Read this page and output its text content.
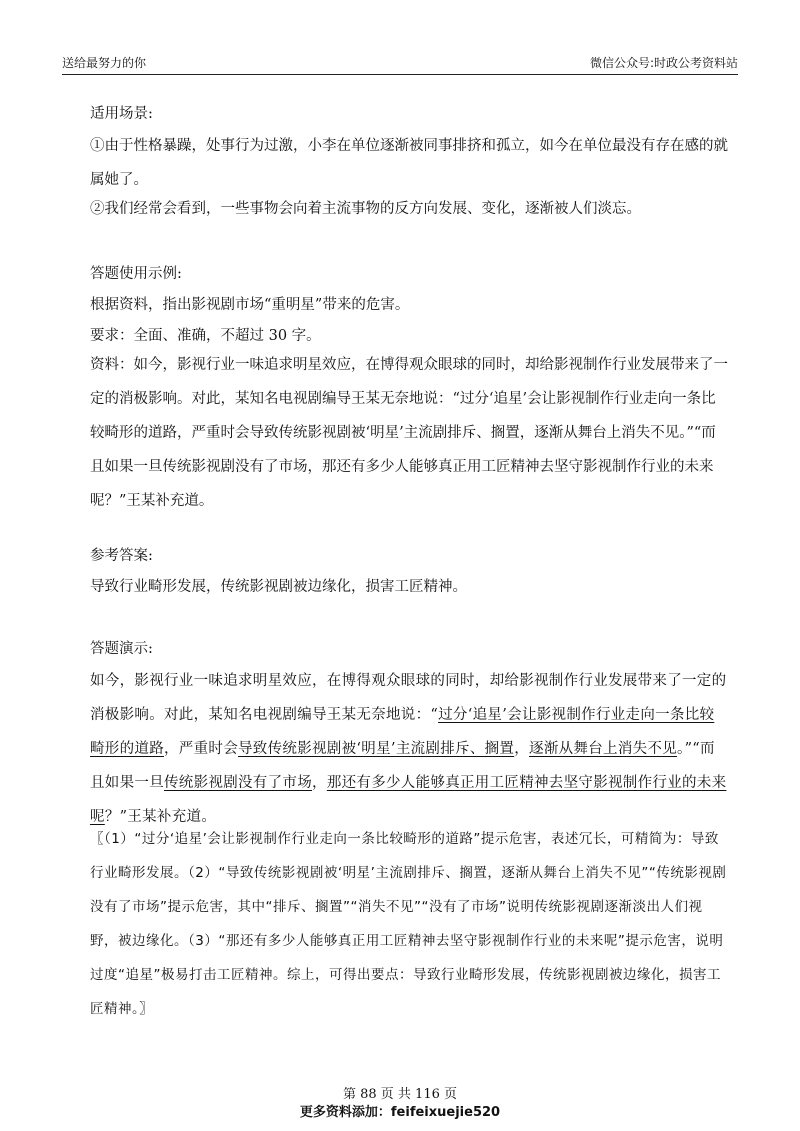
送给最努力的你	微信公众号:时政公考资料站

适用场景:

①由于性格暴躁，处事行为过激，小李在单位逐渐被同事排挤和孤立，如今在单位最没有存在感的就属她了。

②我们经常会看到，一些事物会向着主流事物的反方向发展、变化，逐渐被人们淡忘。

答题使用示例:

根据资料，指出影视剧市场“重明星”带来的危害。

要求：全面、准确，不超过 30 字。

资料：如今，影视行业一味追求明星效应，在博得观众眼球的同时，却给影视制作行业发展带来了一定的消极影响。对此，某知名电视剧编导王某无奈地说：“过分‘追星’会让影视制作行业走向一条比较畸形的道路，严重时会导致传统影视剧被‘明星’主流剧排斥、搁置，逐渐从舞台上消失不见。”“而且如果一旦传统影视剧没有了市场，那还有多少人能够真正用工匠精神去坚守影视制作行业的未来呢？”王某补充道。

参考答案:

导致行业畸形发展，传统影视剧被边缘化，损害工匠精神。

答题演示:

如今，影视行业一味追求明星效应，在博得观众眼球的同时，却给影视制作行业发展带来了一定的消极影响。对此，某知名电视剧编导王某无奈地说：“过分‘追星’会让影视制作行业走向一条比较畸形的道路，严重时会导致传统影视剧被‘明星’主流剧排斥、搁置，逐渐从舞台上消失不见。”“而且如果一旦传统影视剧没有了市场，那还有多少人能够真正用工匠精神去坚守影视制作行业的未来呢？”王某补充道。

〖（1）“过分‘追星’会让影视制作行业走向一条比较畸形的道路”提示危害，表述冗长，可精简为：导致行业畸形发展。（2）“导致传统影视剧被‘明星’主流剧排斥、搁置，逐渐从舞台上消失不见”“传统影视剧没有了市场”提示危害，其中“排斥、搁置”“消失不见”“没有了市场”说明传统影视剧逐渐淡出人们视野，被边缘化。（3）“那还有多少人能够真正用工匠精神去坚守影视制作行业的未来呢”提示危害，说明过度“追星”极易打击工匠精神。综上，可得出要点：导致行业畸形发展，传统影视剧被边缘化，损害工匠精神。〗

第 88 页 共 116 页
更多资料添加：feifeixuejie520
